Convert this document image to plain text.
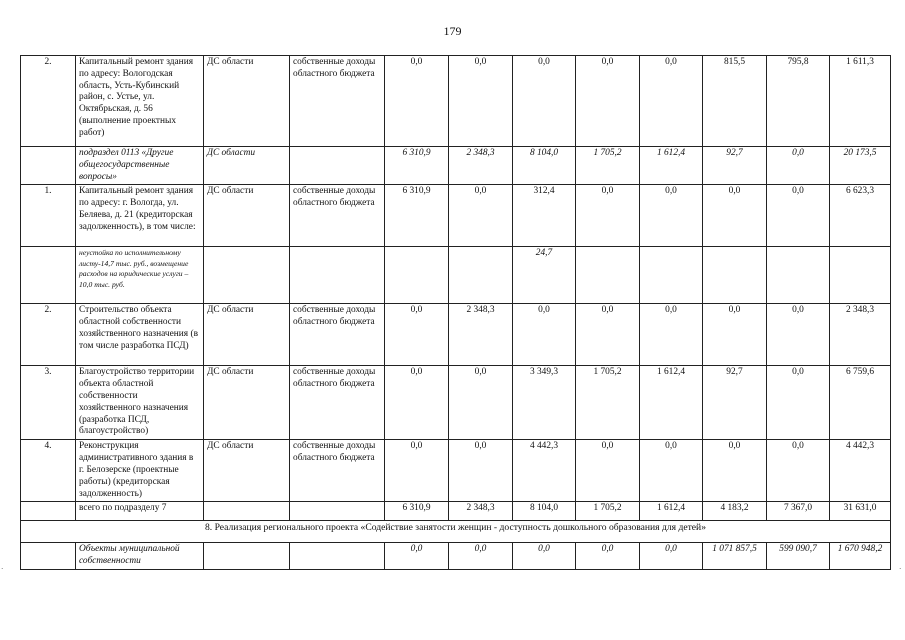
179
2.	Капитальный ремонт здания по адресу: Вологодская область, Усть-Кубинский район, с. Устье, ул. Октябрьская, д. 56 (выполнение проектных работ)	ДС области	собственные доходы областного бюджета	0,0	0,0	0,0	0,0	0,0	815,5	795,8	1 611,3
	подраздел 0113 «Другие общегосударственные вопросы»	ДС области		6 310,9	2 348,3	8 104,0	1 705,2	1 612,4	92,7	0,0	20 173,5
1.	Капитальный ремонт здания по адресу: г. Вологда, ул. Беляева, д. 21 (кредиторская задолженность), в том числе:	ДС области	собственные доходы областного бюджета	6 310,9	0,0	312,4	0,0	0,0	0,0	0,0	6 623,3
	неустойка по исполнительному листу-14,7 тыс. руб., возмещение расходов на юридические услуги – 10,0 тыс. руб.					24,7					
2.	Строительство объекта областной собственности хозяйственного назначения (в том числе разработка ПСД)	ДС области	собственные доходы областного бюджета	0,0	2 348,3	0,0	0,0	0,0	0,0	0,0	2 348,3
3.	Благоустройство территории объекта областной собственности хозяйственного назначения (разработка ПСД, благоустройство)	ДС области	собственные доходы областного бюджета	0,0	0,0	3 349,3	1 705,2	1 612,4	92,7	0,0	6 759,6
4.	Реконструкция административного здания в г. Белозерске (проектные работы) (кредиторская задолженность)	ДС области	собственные доходы областного бюджета	0,0	0,0	4 442,3	0,0	0,0	0,0	0,0	4 442,3
	всего по подразделу 7			6 310,9	2 348,3	8 104,0	1 705,2	1 612,4	4 183,2	7 367,0	31 631,0
8. Реализация регионального проекта «Содействие занятости женщин - доступность дошкольного образования для детей»											
	Объекты муниципальной собственности			0,0	0,0	0,0	0,0	0,0	1 071 857,5	599 090,7	1 670 948,2
·	·
